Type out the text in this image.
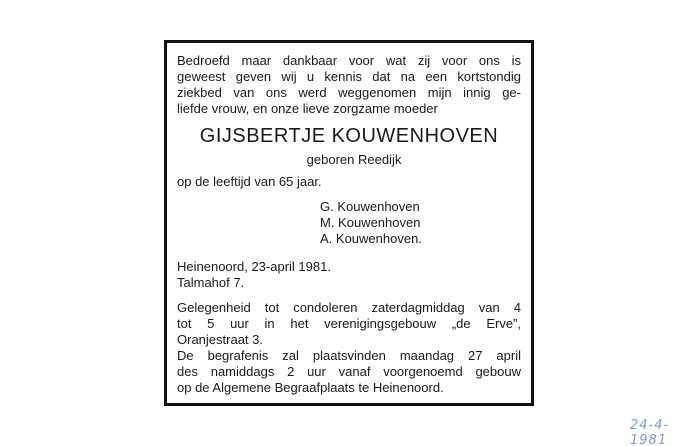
Bedroefd maar dankbaar voor wat zij voor ons is
geweest geven wij u kennis dat na een kortstondig
ziekbed van ons werd weggenomen mijn innig ge-
liefde vrouw, en onze lieve zorgzame moeder
GIJSBERTJE KOUWENHOVEN
geboren Reedijk
op de leeftijd van 65 jaar.
G. Kouwenhoven
M. Kouwenhoven
A. Kouwenhoven.
Heinenoord, 23-april 1981.
Talmahof 7.
Gelegenheid tot condoleren zaterdagmiddag van 4
tot 5 uur in het verenigingsgebouw „de Erve”,
Oranjestraat 3.
De begrafenis zal plaatsvinden maandag 27 april
des namiddags 2 uur vanaf voorgenoemd gebouw
op de Algemene Begraafplaats te Heinenoord.
24-4-1981
